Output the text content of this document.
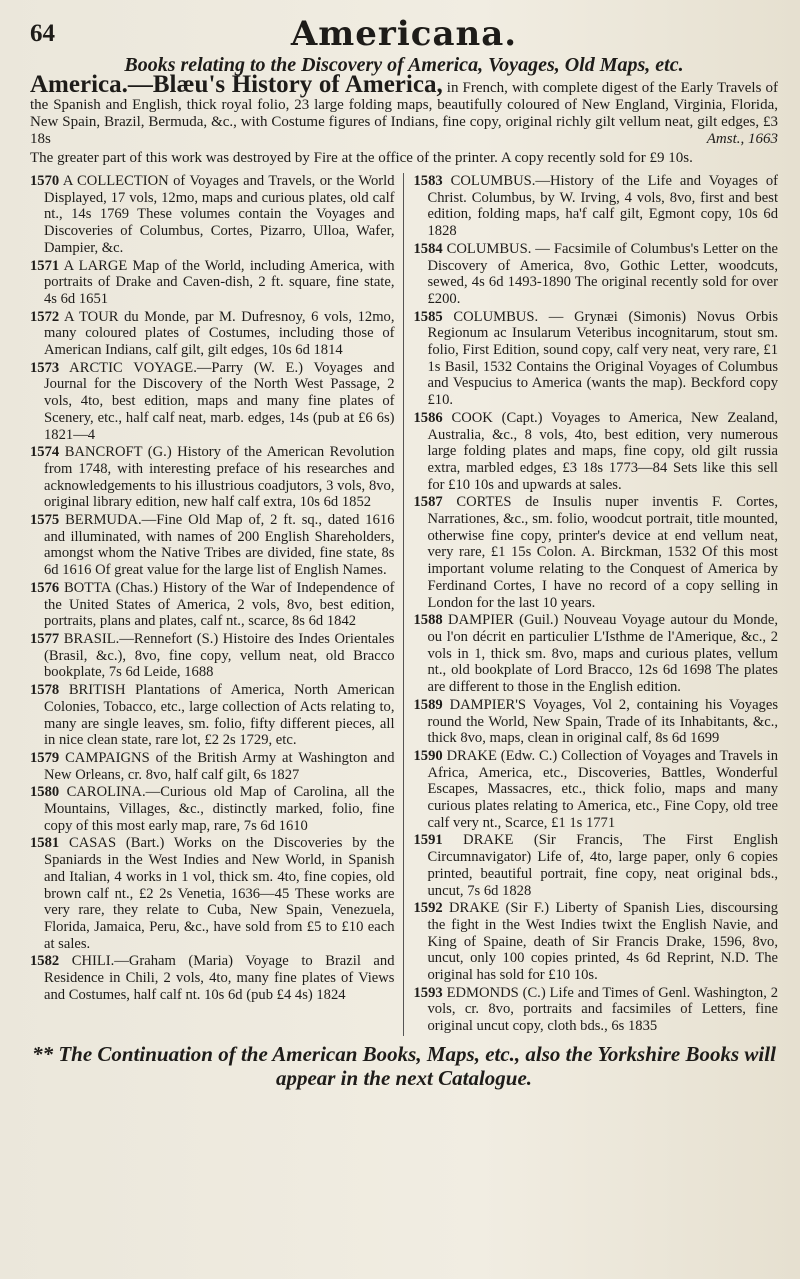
64	Americana.
Books relating to the Discovery of America, Voyages, Old Maps, etc.

America.—Blæu's History of America, in French, with complete digest of the Early Travels of the Spanish and English, thick royal folio, 23 large folding maps, beautifully coloured of New England, Virginia, Florida, New Spain, Brazil, Bermuda, &c., with Costume figures of Indians, fine copy, original richly gilt vellum neat, gilt edges, £3 18s	Amst., 1663

The greater part of this work was destroyed by Fire at the office of the printer. A copy recently sold for £9 10s.

1570 A COLLECTION of Voyages and Travels, or the World Displayed, 17 vols, 12mo, maps and curious plates, old calf nt., 14s 1769 These volumes contain the Voyages and Discoveries of Columbus, Cortes, Pizarro, Ulloa, Wafer, Dampier, &c.

1571 A LARGE Map of the World, including America, with portraits of Drake and Caven-dish, 2 ft. square, fine state, 4s 6d 1651

1572 A TOUR du Monde, par M. Dufresnoy, 6 vols, 12mo, many coloured plates of Costumes, including those of American Indians, calf gilt, gilt edges, 10s 6d 1814

1573 ARCTIC VOYAGE.—Parry (W. E.) Voyages and Journal for the Discovery of the North West Passage, 2 vols, 4to, best edition, maps and many fine plates of Scenery, etc., half calf neat, marb. edges, 14s (pub at £6 6s) 1821—4

1574 BANCROFT (G.) History of the American Revolution from 1748, with interesting preface of his researches and acknowledgements to his illustrious coadjutors, 3 vols, 8vo, original library edition, new half calf extra, 10s 6d 1852

1575 BERMUDA.—Fine Old Map of, 2 ft. sq., dated 1616 and illuminated, with names of 200 English Shareholders, amongst whom the Native Tribes are divided, fine state, 8s 6d 1616 Of great value for the large list of English Names.

1576 BOTTA (Chas.) History of the War of Independence of the United States of America, 2 vols, 8vo, best edition, portraits, plans and plates, calf nt., scarce, 8s 6d 1842

1577 BRASIL.—Rennefort (S.) Histoire des Indes Orientales (Brasil, &c.), 8vo, fine copy, vellum neat, old Bracco bookplate, 7s 6d Leide, 1688

1578 BRITISH Plantations of America, North American Colonies, Tobacco, etc., large collection of Acts relating to, many are single leaves, sm. folio, fifty different pieces, all in nice clean state, rare lot, £2 2s 1729, etc.

1579 CAMPAIGNS of the British Army at Washington and New Orleans, cr. 8vo, half calf gilt, 6s 1827

1580 CAROLINA.—Curious old Map of Carolina, all the Mountains, Villages, &c., distinctly marked, folio, fine copy of this most early map, rare, 7s 6d 1610

1581 CASAS (Bart.) Works on the Discoveries by the Spaniards in the West Indies and New World, in Spanish and Italian, 4 works in 1 vol, thick sm. 4to, fine copies, old brown calf nt., £2 2s Venetia, 1636—45 These works are very rare, they relate to Cuba, New Spain, Venezuela, Florida, Jamaica, Peru, &c., have sold from £5 to £10 each at sales.

1582 CHILI.—Graham (Maria) Voyage to Brazil and Residence in Chili, 2 vols, 4to, many fine plates of Views and Costumes, half calf nt. 10s 6d (pub £4 4s) 1824

1583 COLUMBUS.—History of the Life and Voyages of Christ. Columbus, by W. Irving, 4 vols, 8vo, first and best edition, folding maps, ha'f calf gilt, Egmont copy, 10s 6d 1828

1584 COLUMBUS. — Facsimile of Columbus's Letter on the Discovery of America, 8vo, Gothic Letter, woodcuts, sewed, 4s 6d 1493-1890 The original recently sold for over £200.

1585 COLUMBUS. — Grynæi (Simonis) Novus Orbis Regionum ac Insularum Veteribus incognitarum, stout sm. folio, First Edition, sound copy, calf very neat, very rare, £1 1s Basil, 1532 Contains the Original Voyages of Columbus and Vespucius to America (wants the map). Beckford copy £10.

1586 COOK (Capt.) Voyages to America, New Zealand, Australia, &c., 8 vols, 4to, best edition, very numerous large folding plates and maps, fine copy, old gilt russia extra, marbled edges, £3 18s 1773—84 Sets like this sell for £10 10s and upwards at sales.

1587 CORTES de Insulis nuper inventis F. Cortes, Narrationes, &c., sm. folio, woodcut portrait, title mounted, otherwise fine copy, printer's device at end vellum neat, very rare, £1 15s Colon. A. Birckman, 1532 Of this most important volume relating to the Conquest of America by Ferdinand Cortes, I have no record of a copy selling in London for the last 10 years.

1588 DAMPIER (Guil.) Nouveau Voyage autour du Monde, ou l'on décrit en particulier L'Isthme de l'Amerique, &c., 2 vols in 1, thick sm. 8vo, maps and curious plates, vellum nt., old bookplate of Lord Bracco, 12s 6d 1698 The plates are different to those in the English edition.

1589 DAMPIER'S Voyages, Vol 2, containing his Voyages round the World, New Spain, Trade of its Inhabitants, &c., thick 8vo, maps, clean in original calf, 8s 6d 1699

1590 DRAKE (Edw. C.) Collection of Voyages and Travels in Africa, America, etc., Discoveries, Battles, Wonderful Escapes, Massacres, etc., thick folio, maps and many curious plates relating to America, etc., Fine Copy, old tree calf very nt., Scarce, £1 1s 1771

1591 DRAKE (Sir Francis, The First English Circumnavigator) Life of, 4to, large paper, only 6 copies printed, beautiful portrait, fine copy, neat original bds., uncut, 7s 6d 1828

1592 DRAKE (Sir F.) Liberty of Spanish Lies, discoursing the fight in the West Indies twixt the English Navie, and King of Spaine, death of Sir Francis Drake, 1596, 8vo, uncut, only 100 copies printed, 4s 6d Reprint, N.D. The original has sold for £10 10s.

1593 EDMONDS (C.) Life and Times of Genl. Washington, 2 vols, cr. 8vo, portraits and facsimiles of Letters, fine original uncut copy, cloth bds., 6s 1835

** The Continuation of the American Books, Maps, etc., also the Yorkshire Books will appear in the next Catalogue.
